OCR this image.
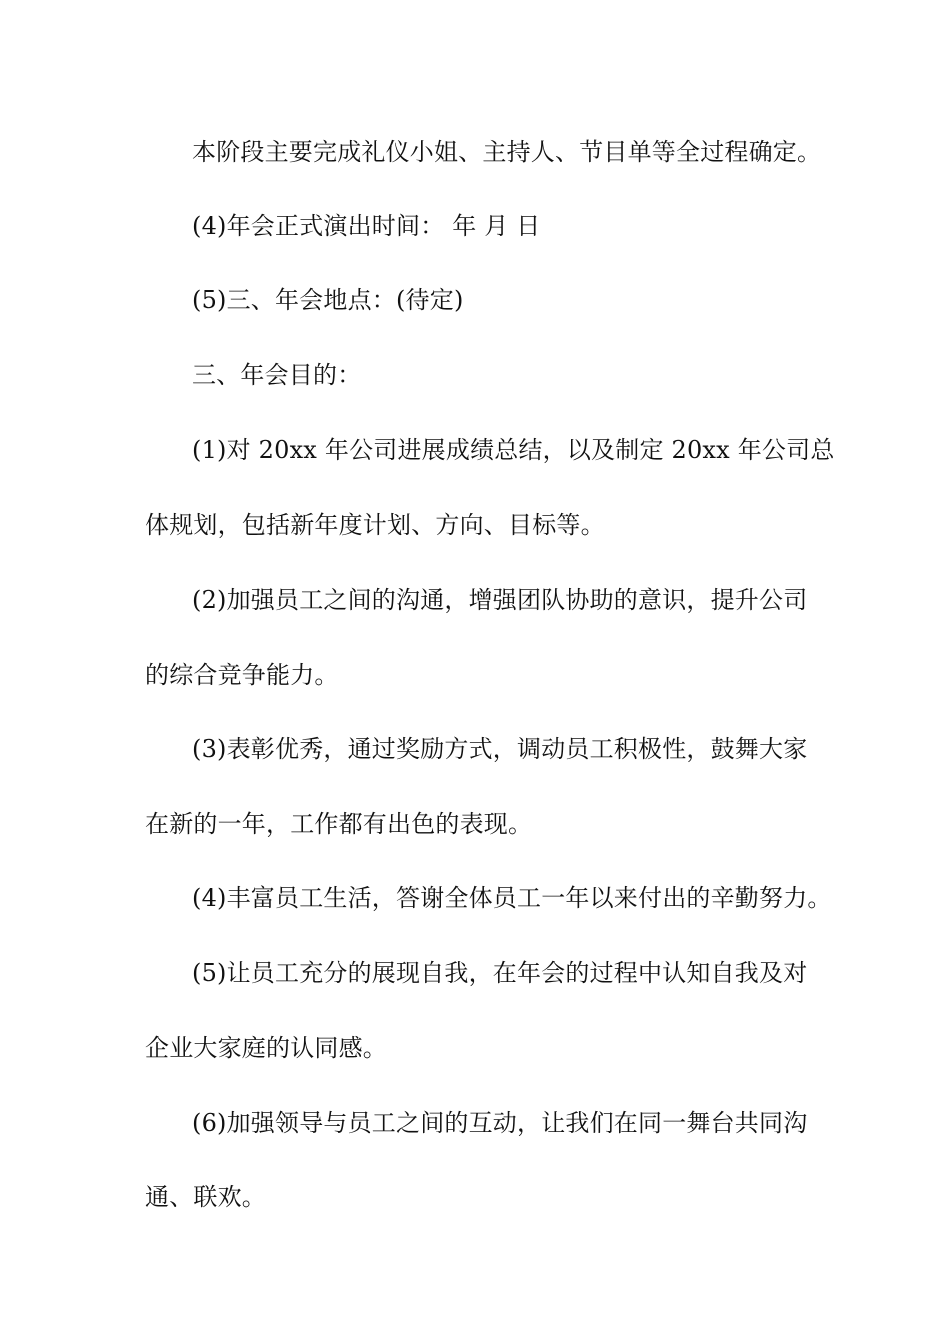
本阶段主要完成礼仪小姐、主持人、节目单等全过程确定。
(4)年会正式演出时间： 年 月 日
(5)三、年会地点：(待定)
三、年会目的：
(1)对 20xx 年公司进展成绩总结，以及制定 20xx 年公司总
体规划，包括新年度计划、方向、目标等。
(2)加强员工之间的沟通，增强团队协助的意识，提升公司
的综合竞争能力。
(3)表彰优秀，通过奖励方式，调动员工积极性，鼓舞大家
在新的一年，工作都有出色的表现。
(4)丰富员工生活，答谢全体员工一年以来付出的辛勤努力。
(5)让员工充分的展现自我，在年会的过程中认知自我及对
企业大家庭的认同感。
(6)加强领导与员工之间的互动，让我们在同一舞台共同沟
通、联欢。
